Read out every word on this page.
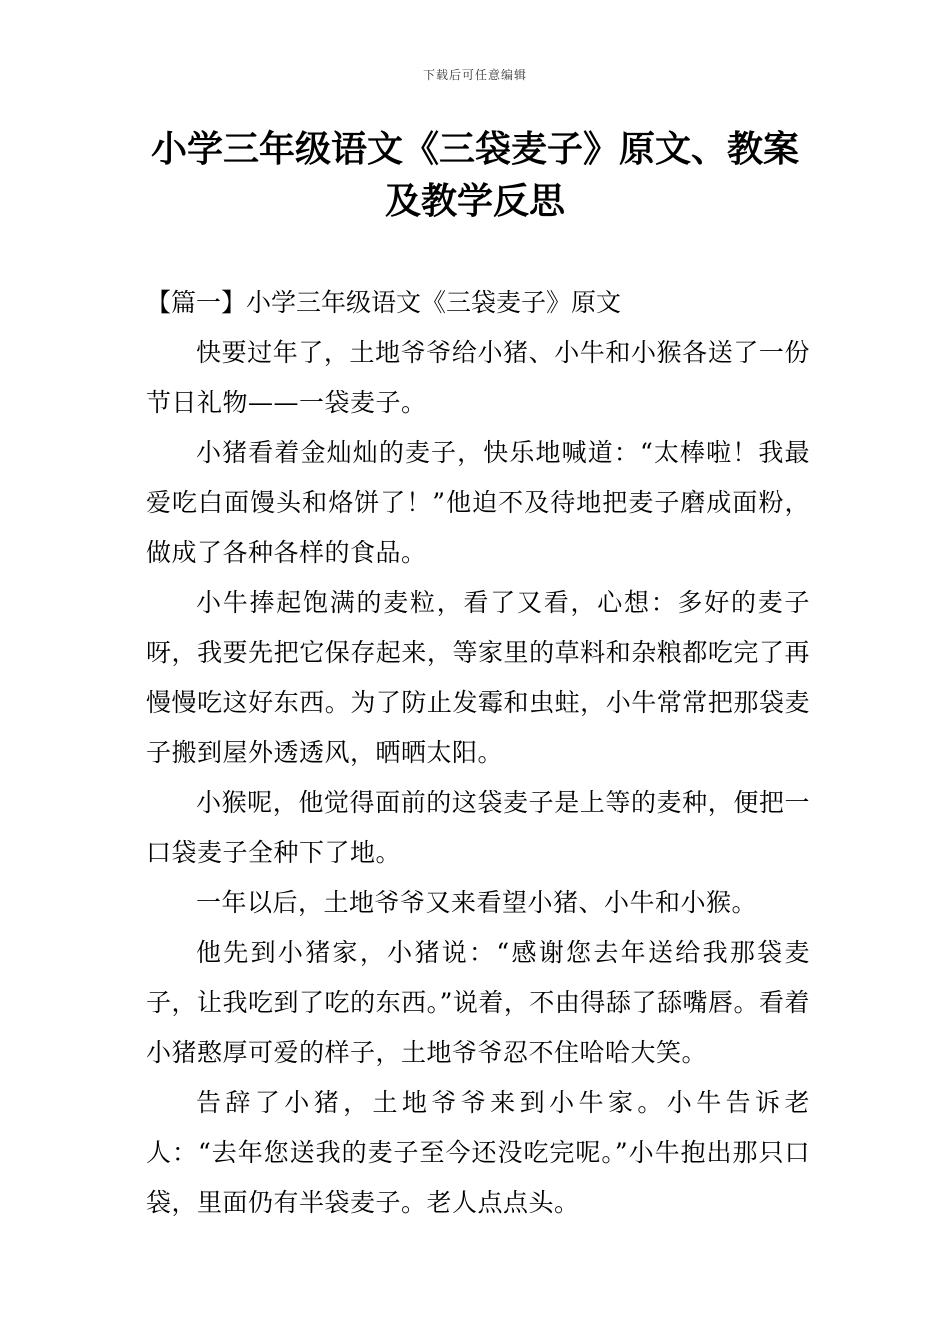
下载后可任意编辑
小学三年级语文《三袋麦子》原文、教案
及教学反思
【篇一】小学三年级语文《三袋麦子》原文

快要过年了，土地爷爷给小猪、小牛和小猴各送了一份节日礼物——一袋麦子。

小猪看着金灿灿的麦子，快乐地喊道：“太棒啦！我最爱吃白面馒头和烙饼了！”他迫不及待地把麦子磨成面粉，做成了各种各样的食品。

小牛捧起饱满的麦粒，看了又看，心想：多好的麦子呀，我要先把它保存起来，等家里的草料和杂粮都吃完了再慢慢吃这好东西。为了防止发霉和虫蛀，小牛常常把那袋麦子搬到屋外透透风，晒晒太阳。

小猴呢，他觉得面前的这袋麦子是上等的麦种，便把一口袋麦子全种下了地。

一年以后，土地爷爷又来看望小猪、小牛和小猴。

他先到小猪家，小猪说：“感谢您去年送给我那袋麦子，让我吃到了吃的东西。”说着，不由得舔了舔嘴唇。看着小猪憨厚可爱的样子，土地爷爷忍不住哈哈大笑。

告辞了小猪，土地爷爷来到小牛家。小牛告诉老人：“去年您送我的麦子至今还没吃完呢。”小牛抱出那只口袋，里面仍有半袋麦子。老人点点头。
